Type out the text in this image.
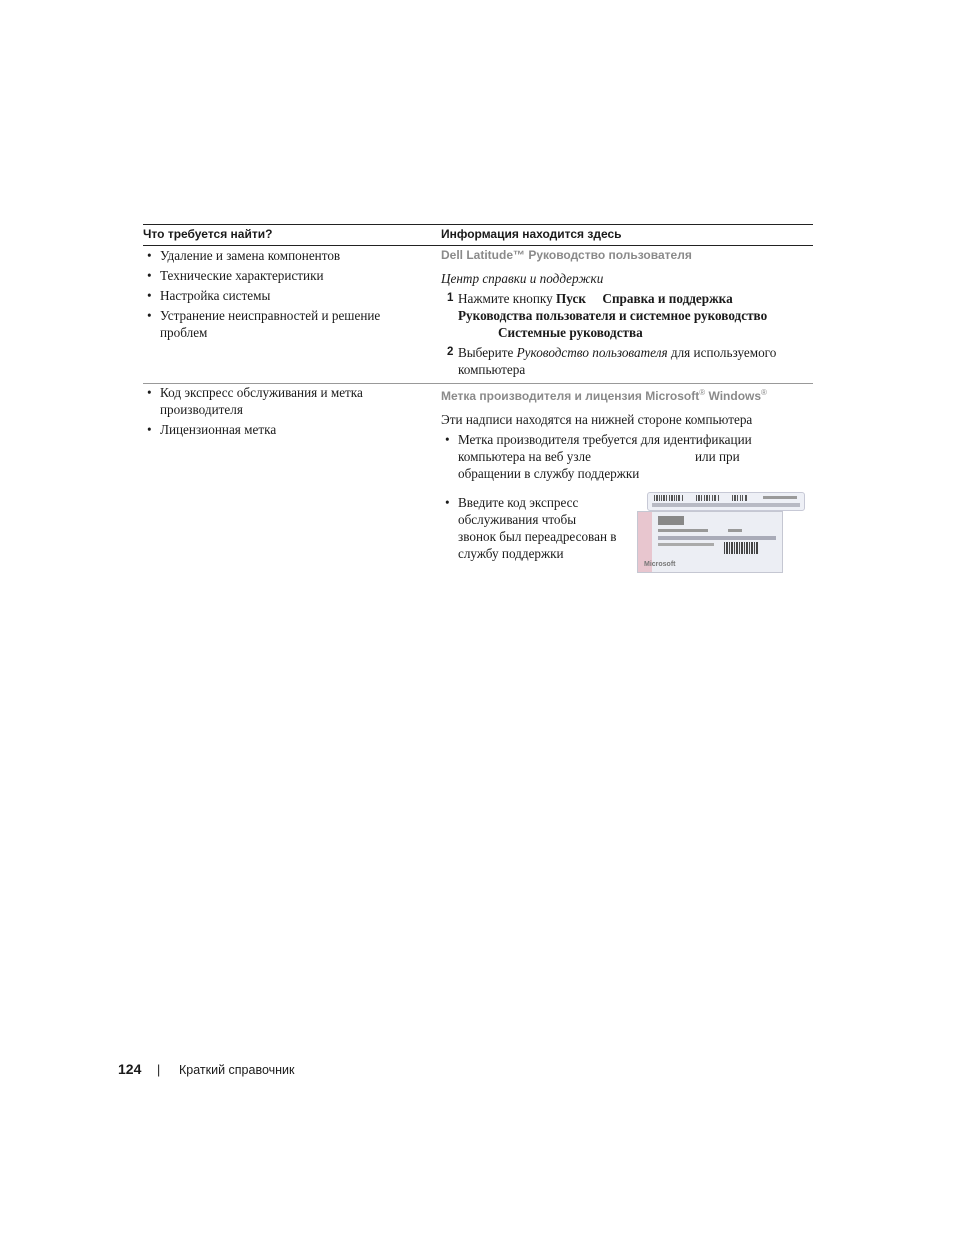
Что требуется найти?	Информация находится здесь
• Удаление и замена компонентов
• Технические характеристики
• Настройка системы
• Устранение неисправностей и решение проблем
Dell Latitude™ Руководство пользователя
Центр справки и поддержки
1 Нажмите кнопку Пуск Справка и поддержка
Руководства пользователя и системное руководство
Системные руководства
2 Выберите Руководство пользователя для используемого
компьютера
• Код экспресс обслуживания и метка производителя
• Лицензионная метка
Метка производителя и лицензия Microsoft® Windows®
Эти надписи находятся на нижней стороне компьютера
• Метка производителя требуется для идентификации
компьютера на веб узле	или при
обращении в службу поддержки
• Введите код экспресс
обслуживания чтобы
звонок был переадресован в
службу поддержки
Microsoft
124 | Краткий справочник
